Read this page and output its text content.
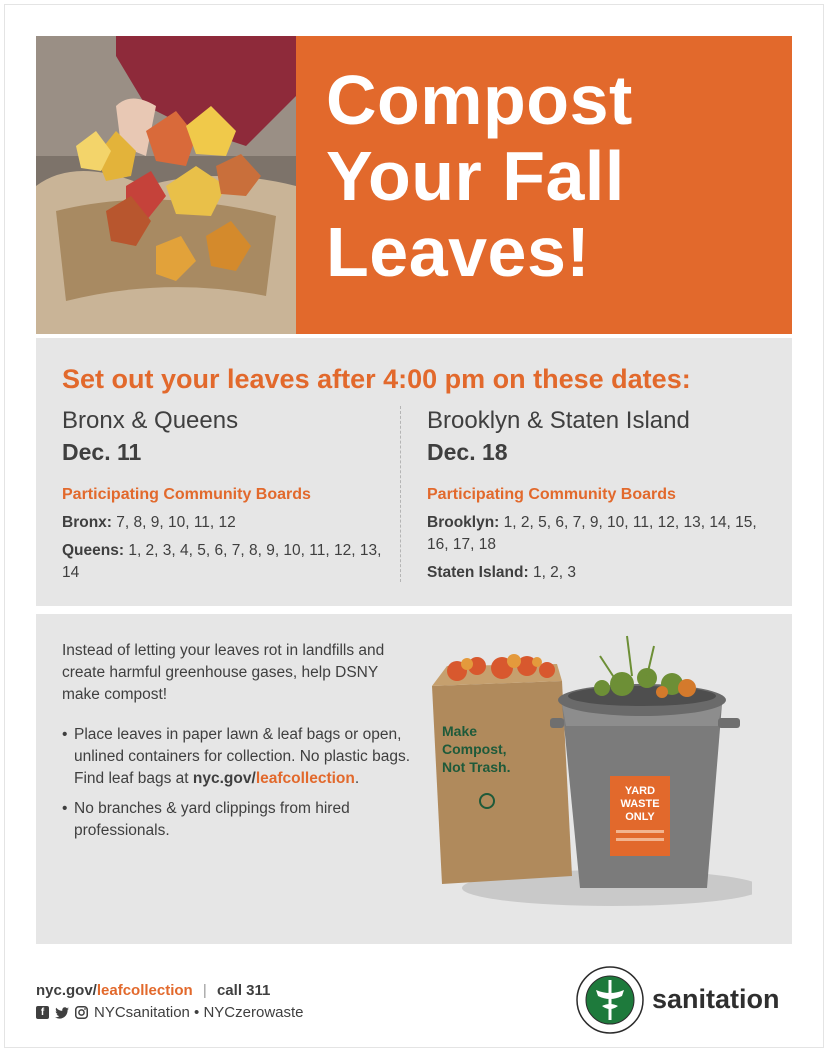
Compost
Your Fall
Leaves!
Set out your leaves after 4:00 pm on these dates:
Bronx & Queens
Dec. 11
Participating Community Boards
Bronx: 7, 8, 9, 10, 11, 12
Queens: 1, 2, 3, 4, 5, 6, 7, 8, 9, 10, 11, 12, 13, 14
Brooklyn & Staten Island
Dec. 18
Participating Community Boards
Brooklyn: 1, 2, 5, 6, 7, 9, 10, 11, 12, 13, 14, 15, 16, 17, 18
Staten Island: 1, 2, 3

Instead of letting your leaves rot in landfills and create harmful greenhouse gases, help DSNY make compost!

• Place leaves in paper lawn & leaf bags or open, unlined containers for collection. No plastic bags. Find leaf bags at nyc.gov/leafcollection.
• No branches & yard clippings from hired professionals.
Make
Compost,
Not Trash.
YARD
WASTE
ONLY
nyc.gov/leafcollection | call 311
f	NYCsanitation • NYCzerowaste	sanitation
